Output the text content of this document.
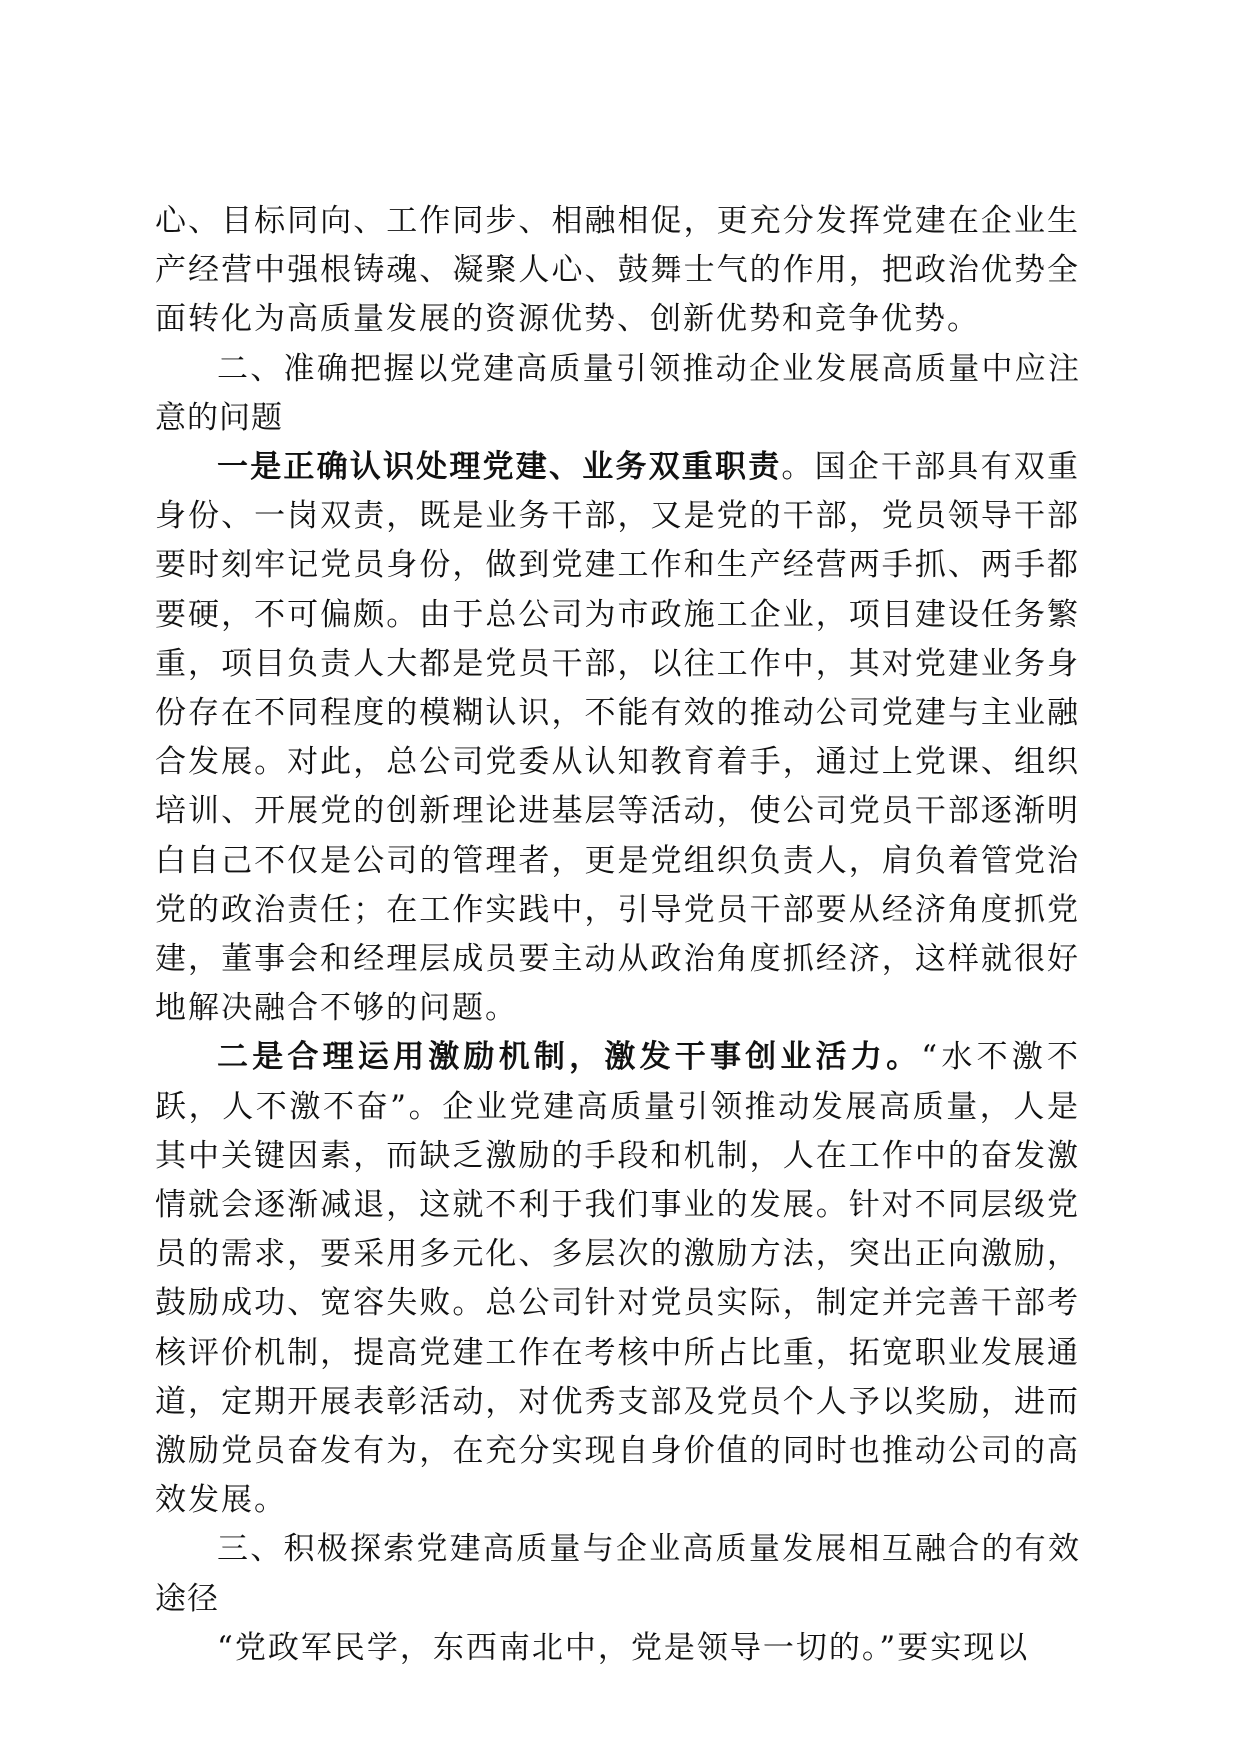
心、目标同向、工作同步、相融相促，更充分发挥党建在企业生产经营中强根铸魂、凝聚人心、鼓舞士气的作用，把政治优势全面转化为高质量发展的资源优势、创新优势和竞争优势。

二、准确把握以党建高质量引领推动企业发展高质量中应注意的问题

一是正确认识处理党建、业务双重职责。国企干部具有双重身份、一岗双责，既是业务干部，又是党的干部，党员领导干部要时刻牢记党员身份，做到党建工作和生产经营两手抓、两手都要硬，不可偏颇。由于总公司为市政施工企业，项目建设任务繁重，项目负责人大都是党员干部，以往工作中，其对党建业务身份存在不同程度的模糊认识，不能有效的推动公司党建与主业融合发展。对此，总公司党委从认知教育着手，通过上党课、组织培训、开展党的创新理论进基层等活动，使公司党员干部逐渐明白自己不仅是公司的管理者，更是党组织负责人，肩负着管党治党的政治责任；在工作实践中，引导党员干部要从经济角度抓党建，董事会和经理层成员要主动从政治角度抓经济，这样就很好地解决融合不够的问题。

二是合理运用激励机制，激发干事创业活力。“水不激不跃，人不激不奋”。企业党建高质量引领推动发展高质量，人是其中关键因素，而缺乏激励的手段和机制，人在工作中的奋发激情就会逐渐减退，这就不利于我们事业的发展。针对不同层级党员的需求，要采用多元化、多层次的激励方法，突出正向激励，鼓励成功、宽容失败。总公司针对党员实际，制定并完善干部考核评价机制，提高党建工作在考核中所占比重，拓宽职业发展通道，定期开展表彰活动，对优秀支部及党员个人予以奖励，进而激励党员奋发有为，在充分实现自身价值的同时也推动公司的高效发展。

三、积极探索党建高质量与企业高质量发展相互融合的有效途径

“党政军民学，东西南北中，党是领导一切的。”要实现以
